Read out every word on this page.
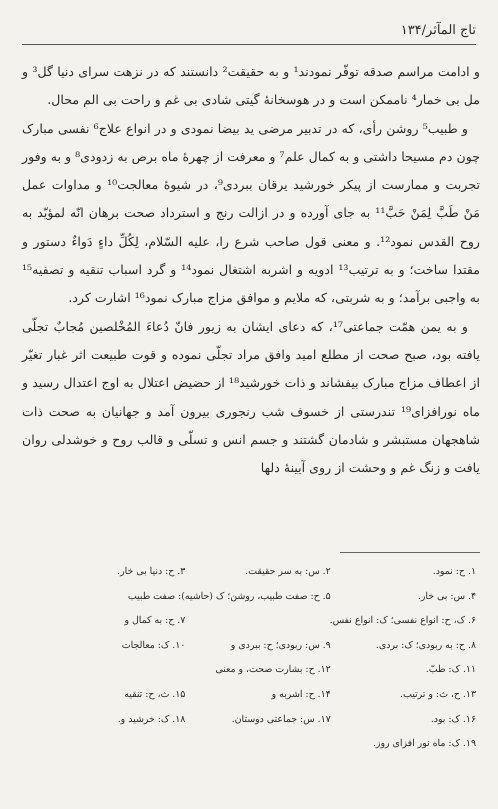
تاج المآثر/۱۳۴

و ادامت مراسم صدقه توفّر نمودند¹ و به حقیقت² دانستند که در نزهت سرای دنیا گل³ و مل بی خمار⁴ ناممکن است و در هوسخانهٔ گیتی شادی بی غم و راحت بی الم محال.

و طبیب⁵ روشن رأی، که در تدبیر مرضی ید بیضا نمودی و در انواع علاج⁶ نفسی مبارک چون دم مسیحا داشتی و به کمال علم⁷ و معرفت از چهرهٔ ماه برص به زدودی⁸ و به وفور تجربت و ممارست از پیکر خورشید یرقان ببردی⁹، در شیوهٔ معالجت¹⁰ و مداوات عمل مَنْ طَبَّ لِمَنْ حَبَّ¹¹ به جای آورده و در ازالت رنج و استرداد صحت برهان انّه لمؤیّد به روح القدس نمود¹². و معنی قول صاحب شرع را، علیه السّلام، لِکُلِّ داءٍ دَواءٌ دستور و مقتدا ساخت؛ و به ترتیب¹³ ادویه و اشربه اشتغال نمود¹⁴ و گرد اسباب تنقیه و تصفیه¹⁵ به واجبی برآمد؛ و به شربتی، که ملایم و موافق مزاج مبارک نمود¹⁶ اشارت کرد.

و به یمن همّت جماعتی¹⁷، که دعای ایشان به زیور فانّ دُعاءَ المُخْلصین مُجابٌ تجلّی یافته بود، صبح صحت از مطلع امید وافق مراد تجلّی نموده و قوت طبیعت اثر غبار تغیّر از اعطاف مزاج مبارک بیفشاند و ذات خورشید¹⁸ از حضیض اعتلال به اوج اعتدال رسید و ماه نورافزای¹⁹ تندرستی از خسوف شب رنجوری بیرون آمد و جهانیان به صحت ذات شاهجهان مستبشر و شادمان گشتند و جسم انس و تسلّی و قالب روح و خوشدلی روان یافت و زنگ غم و وحشت از روی آیینهٔ دلها

۱. ح: نمود.
۲. س: به سر حقیقت.
۳. ح: دنیا بی خار.
۴. س: بی خار.
۵. ح: صفت طبیب، روشن؛ ک (حاشیه): صفت طبیب
۶. ک، ح: انواع نفسی؛ ک: انواع نفس.
۷. ح: به کمال و
۸. ح: به ربودی؛ ک: بردی.
۹. س: ربودی؛ ح: ببردی و
۱۰. ک: معالجات
۱۱. ک: طبّ.
۱۲. ح: بشارت صحت، و معنی
۱۳. ح، ث: و ترتیب.
۱۴. ح: اشربه و
۱۵. ث، ح: تنقیه
۱۶. ک: بود.
۱۷. س: جماعتی دوستان.
۱۸. ک: خرشید و.
۱۹. ک: ماه نور افزای روز.
